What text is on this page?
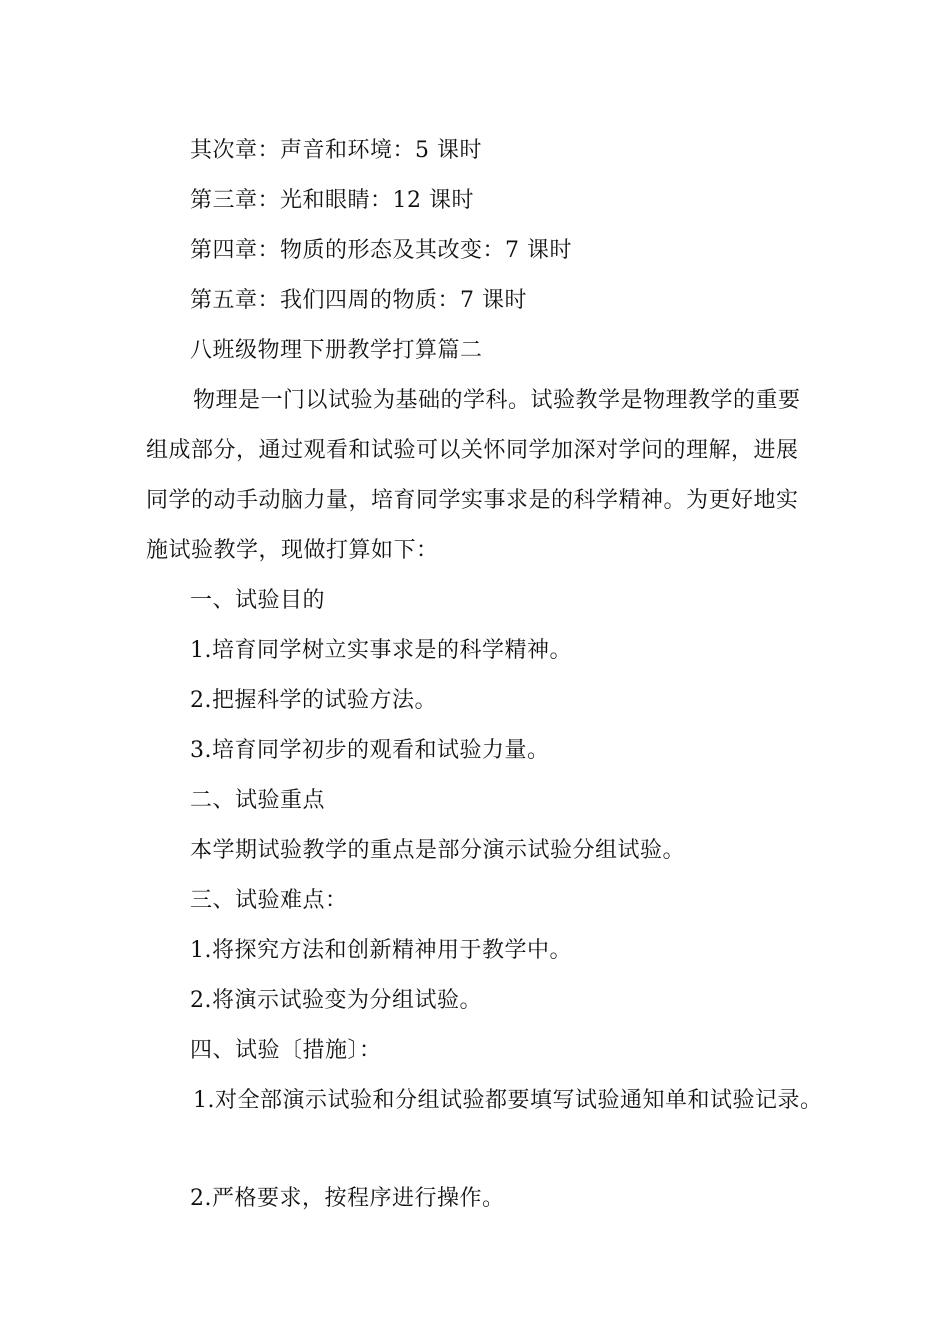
其次章：声音和环境：5 课时
第三章：光和眼睛：12 课时
第四章：物质的形态及其改变：7 课时
第五章：我们四周的物质：7 课时
八班级物理下册教学打算篇二
物理是一门以试验为基础的学科。试验教学是物理教学的重要
组成部分，通过观看和试验可以关怀同学加深对学问的理解，进展
同学的动手动脑力量，培育同学实事求是的科学精神。为更好地实
施试验教学，现做打算如下：
一、试验目的
1.培育同学树立实事求是的科学精神。
2.把握科学的试验方法。
3.培育同学初步的观看和试验力量。
二、试验重点
本学期试验教学的重点是部分演示试验分组试验。
三、试验难点：
1.将探究方法和创新精神用于教学中。
2.将演示试验变为分组试验。
四、试验〔措施〕：
1.对全部演示试验和分组试验都要填写试验通知单和试验记录。
2.严格要求，按程序进行操作。
